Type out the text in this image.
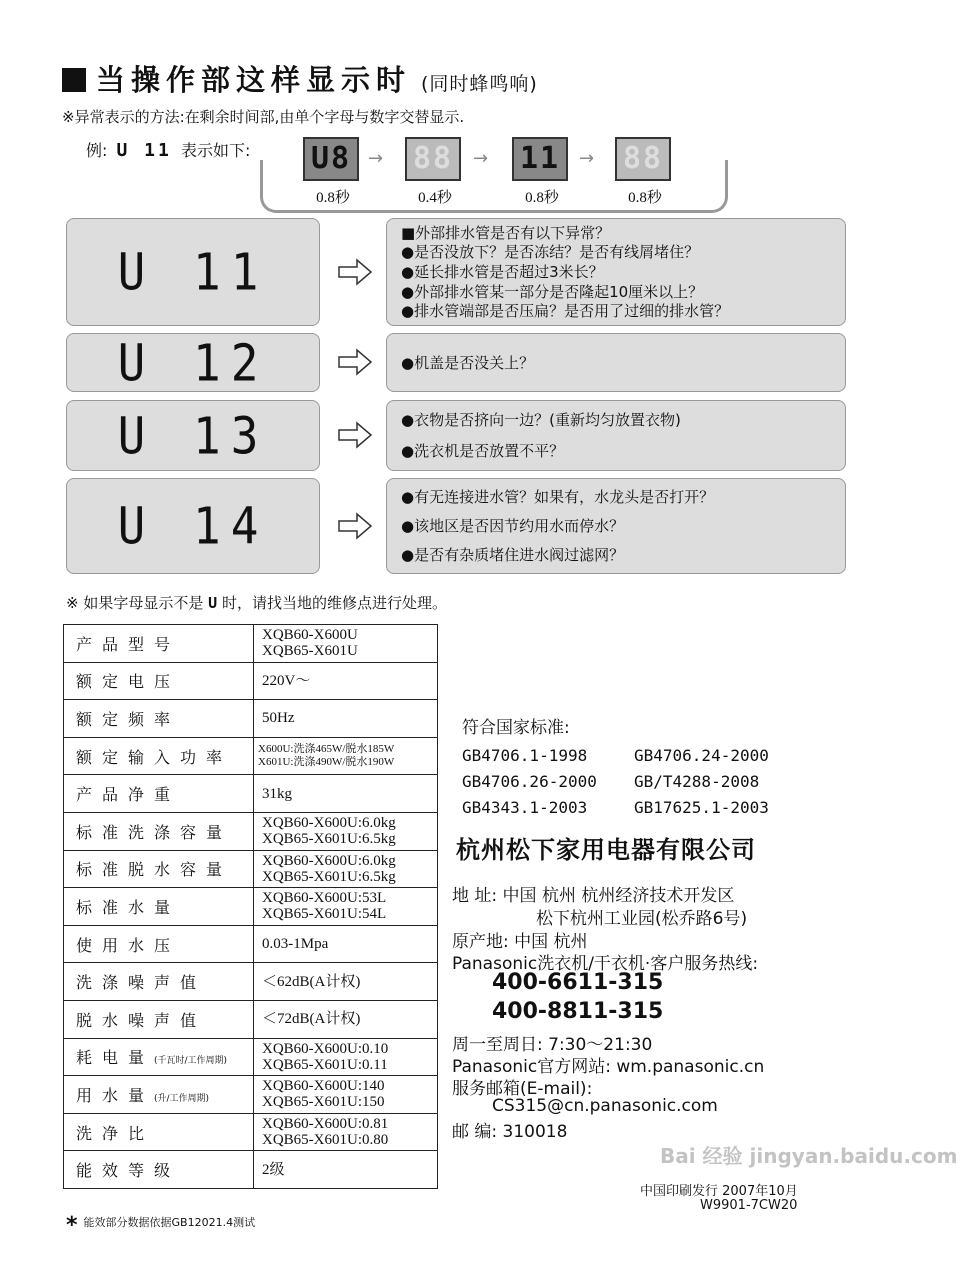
当操作部这样显示时 (同时蜂鸣响)
※异常表示的方法:在剩余时间部,由单个字母与数字交替显示.
例: U 11 表示如下: U8 88 11 88
→	→	→
0.8秒	0.4秒	0.8秒	0.8秒
U 11
■外部排水管是否有以下异常？
●是否没放下？是否冻结？是否有线屑堵住？
●延长排水管是否超过3米长？
●外部排水管某一部分是否隆起10厘米以上？
●排水管端部是否压扁？是否用了过细的排水管？
U 12	●机盖是否没关上？
U 13	●衣物是否挤向一边？(重新均匀放置衣物)
●洗衣机是否放置不平？
U 14	●有无连接进水管？如果有，水龙头是否打开？
●该地区是否因节约用水而停水？
●是否有杂质堵住进水阀过滤网？
※ 如果字母显示不是 U 时，请找当地的维修点进行处理。
产品型号	XQB60-X600U
XQB65-X601U

额定电压	220V～

额定频率	50Hz

额定输入功率	X600U:洗涤465W/脱水185W
X601U:洗涤490W/脱水190W

产品净重	31kg

标准洗涤容量	XQB60-X600U:6.0kg
XQB65-X601U:6.5kg

标准脱水容量	XQB60-X600U:6.0kg
XQB65-X601U:6.5kg

标准水量	XQB60-X600U:53L
XQB65-X601U:54L

使用水压	0.03-1Mpa

洗涤噪声值	＜62dB(A计权)

脱水噪声值	＜72dB(A计权)

耗电量(千瓦时/工作周期)	XQB60-X600U:0.10
XQB65-X601U:0.11

用水量(升/工作周期)	XQB60-X600U:140
XQB65-X601U:150

洗净比	XQB60-X600U:0.81
XQB65-X601U:0.80

能效等级	2级
* 能效部分数据依据GB12021.4测试
符合国家标准:
GB4706.1-1998	GB4706.24-2000
GB4706.26-2000 GB/T4288-2008
GB4343.1-2003	GB17625.1-2003
杭州松下家用电器有限公司
地 址: 中国 杭州 杭州经济技术开发区
松下杭州工业园(松乔路6号)
原产地: 中国 杭州
Panasonic洗衣机/干衣机·客户服务热线:
400-6611-315
400-8811-315
周一至周日: 7:30～21:30
Panasonic官方网站: wm.panasonic.cn
服务邮箱(E-mail):
CS315@cn.panasonic.com
邮 编: 310018
中国印刷发行 2007年10月
W9901-7CW20
Bai 经验 jingyan.baidu.com
